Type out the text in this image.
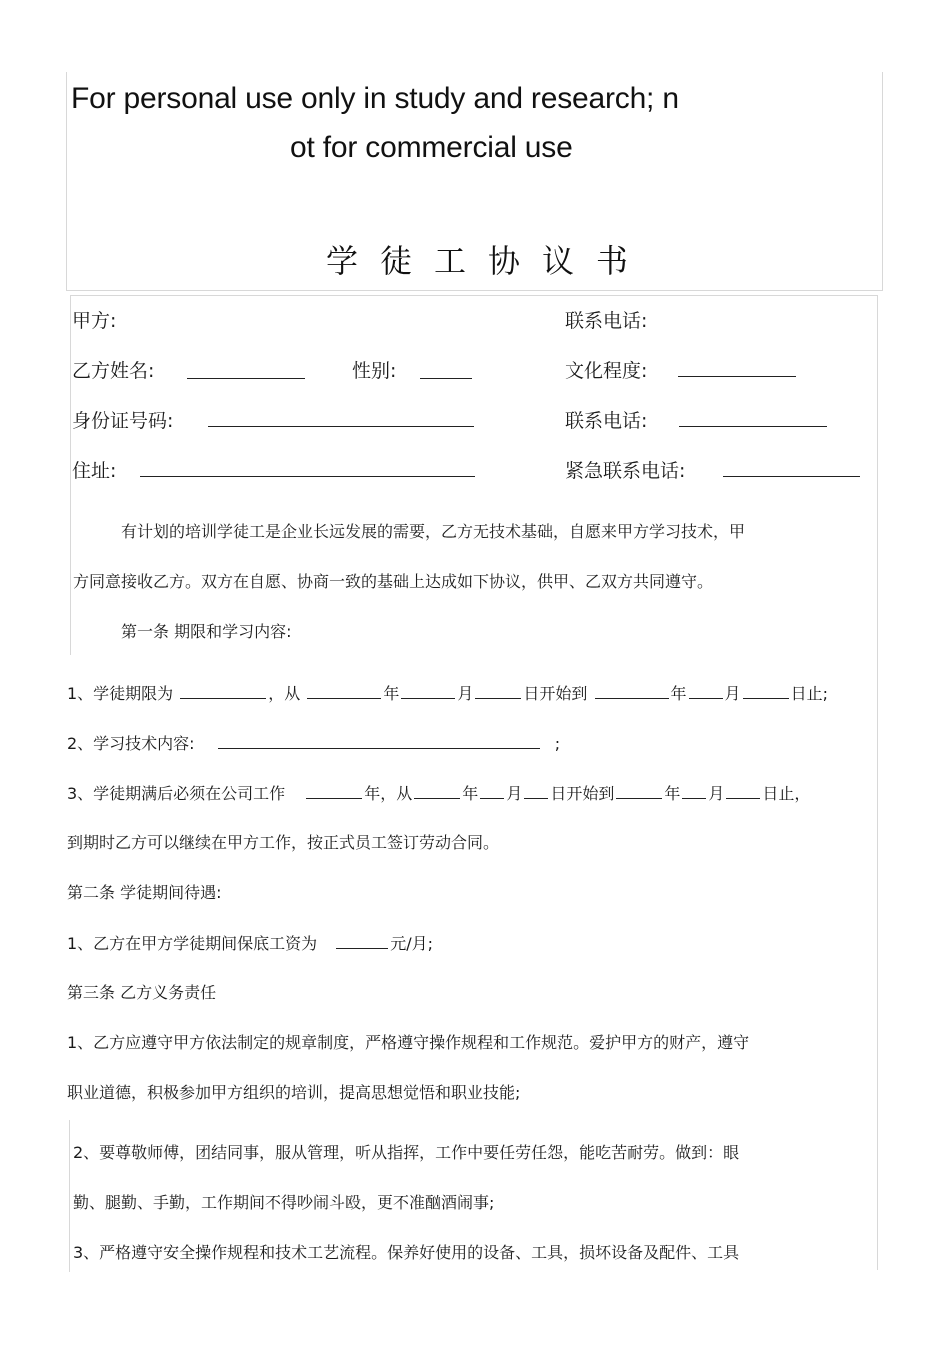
For personal use only in study and research; n
ot for commercial use
学徒工协议书
甲方:	联系电话:
乙方姓名:	性别:	文化程度:
身份证号码:	联系电话:
住址:	紧急联系电话:
有计划的培训学徒工是企业长远发展的需要，乙方无技术基础，自愿来甲方学习技术，甲
方同意接收乙方。双方在自愿、协商一致的基础上达成如下协议，供甲、乙双方共同遵守。
第一条 期限和学习内容:
1、学徒期限为	，从	年	月	日开始到	年 月	日止;
2、学习技术内容:	;
3、学徒期满后必须在公司工作	年，从	年 月 日开始到	年 月 日止，
到期时乙方可以继续在甲方工作，按正式员工签订劳动合同。
第二条 学徒期间待遇:
1、乙方在甲方学徒期间保底工资为	元/月;
第三条 乙方义务责任
1、乙方应遵守甲方依法制定的规章制度，严格遵守操作规程和工作规范。爱护甲方的财产，遵守
职业道德，积极参加甲方组织的培训，提高思想觉悟和职业技能;
2、要尊敬师傅，团结同事，服从管理，听从指挥，工作中要任劳任怨，能吃苦耐劳。做到：眼
勤、腿勤、手勤，工作期间不得吵闹斗殴，更不准酗酒闹事;
3、严格遵守安全操作规程和技术工艺流程。保养好使用的设备、工具，损坏设备及配件、工具
